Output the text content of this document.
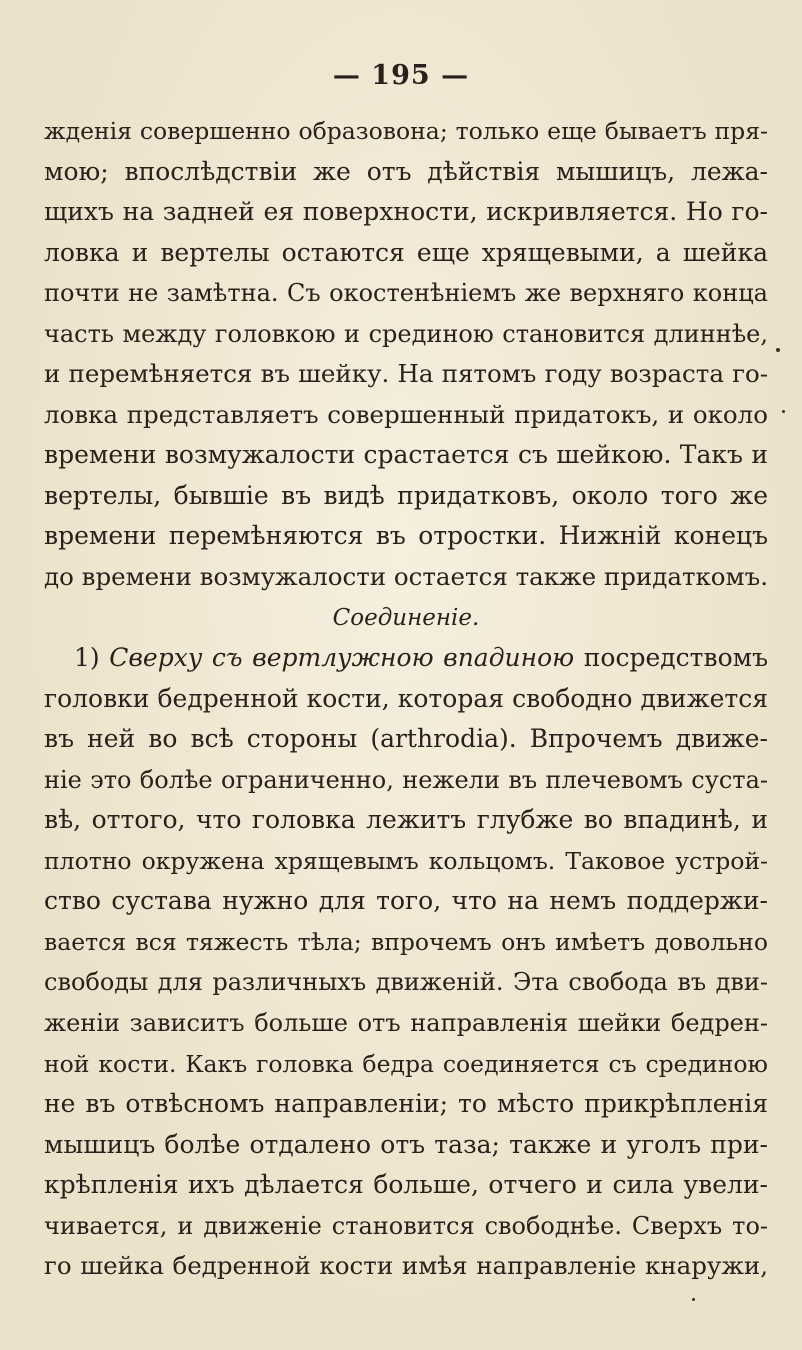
— 195 —
жденія совершенно образовона; только еще бываетъ пря-
мою; впослѣдствіи же отъ дѣйствія мышицъ, лежа-
щихъ на задней ея поверхности, искривляется. Но го-
ловка и вертелы остаются еще хрящевыми, а шейка
почти не замѣтна. Съ окостенѣніемъ же верхняго конца
часть между головкою и срединою становится длиннѣе,
и перемѣняется въ шейку. На пятомъ году возраста го-
ловка представляетъ совершенный придатокъ, и около
времени возмужалости срастается съ шейкою. Такъ и
вертелы, бывшіе въ видѣ придатковъ, около того же
времени перемѣняются въ отростки. Нижній конецъ
до времени возмужалости остается также придаткомъ.
Соединеніе.
1) Сверху съ вертлужною впадиною посредствомъ
головки бедренной кости, которая свободно движется
въ ней во всѣ стороны (arthrodia). Впрочемъ движе-
ніе это болѣе ограниченно, нежели въ плечевомъ суста-
вѣ, оттого, что головка лежитъ глубже во впадинѣ, и
плотно окружена хрящевымъ кольцомъ. Таковое устрой-
ство сустава нужно для того, что на немъ поддержи-
вается вся тяжесть тѣла; впрочемъ онъ имѣетъ довольно
свободы для различныхъ движеній. Эта свобода въ дви-
женіи зависитъ больше отъ направленія шейки бедрен-
ной кости. Какъ головка бедра соединяется съ срединою
не въ отвѣсномъ направленіи; то мѣсто прикрѣпленія
мышицъ болѣе отдалено отъ таза; также и уголъ при-
крѣпленія ихъ дѣлается больше, отчего и сила увели-
чивается, и движеніе становится свободнѣе. Сверхъ то-
го шейка бедренной кости имѣя направленіе кнаружи,
